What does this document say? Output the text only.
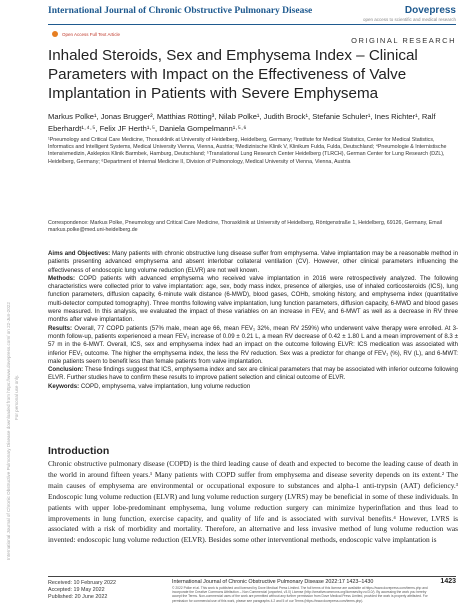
International Journal of Chronic Obstructive Pulmonary Disease downloaded from https://www.dovepress.com/ on 22-Jun-2022 For personal use only.
International Journal of Chronic Obstructive Pulmonary Disease	Dovepress
open access to scientific and medical research
Open Access Full Text Article
ORIGINAL RESEARCH
Inhaled Steroids, Sex and Emphysema Index – Clinical Parameters with Impact on the Effectiveness of Valve Implantation in Patients with Severe Emphysema
Markus Polke¹, Jonas Brugger², Matthias Rötting³, Nilab Polke¹, Judith Brock¹, Stefanie Schuler¹, Ines Richter¹, Ralf Eberhardt¹·⁴·⁵, Felix JF Herth¹·⁵, Daniela Gompelmann¹·⁵·⁶
¹Pneumology and Critical Care Medicine, Thoraxklinik at University of Heidelberg, Heidelberg, Germany; ²Institute for Medical Statistics, Center for Medical Statistics, Informatics and Intelligent Systems, Medical University Vienna, Vienna, Austria; ³Medizinische Klinik V, Klinikum Fulda, Fulda, Deutschland; ⁴Pneumologie & Internistische Intensivmedizin, Asklepios Klinik Barmbek, Hamburg, Deutschland; ⁵Translational Lung Research Center Heidelberg (TLRCH), German Center for Lung Research (DZL), Heidelberg, Germany; ⁶Department of Internal Medicine II, Division of Pulmonology, Medical University of Vienna, Vienna, Austria
Correspondence: Markus Polke, Pneumology and Critical Care Medicine, Thoraxklinik at University of Heidelberg, Röntgenstraße 1, Heidelberg, 69126, Germany, Email markus.polke@med.uni-heidelberg.de
Aims and Objectives: Many patients with chronic obstructive lung disease suffer from emphysema. Valve implantation may be a reasonable method in patients presenting advanced emphysema and absent interlobar collateral ventilation (CV). However, other clinical parameters influencing the effectiveness of endoscopic lung volume reduction (ELVR) are not well known.
Methods: COPD patients with advanced emphysema who received valve implantation in 2016 were retrospectively analyzed. The following characteristics were collected prior to valve implantation: age, sex, body mass index, presence of allergies, use of inhaled corticosteroids (ICS), lung function parameters, diffusion capacity, 6-minute walk distance (6-MWD), blood gases, COHb, smoking history, and emphysema index (quantitative multi-detector computed tomography). Three months following valve implantation, lung function parameters, diffusion capacity, 6-MWD and blood gases were measured. In this analysis, we evaluated the impact of these variables on an increase in FEV₁ and 6-MWT as well as a decrease in RV three months after valve implantation.
Results: Overall, 77 COPD patients (57% male, mean age 66, mean FEV₁ 32%, mean RV 259%) who underwent valve therapy were enrolled. At 3-month follow-up, patients experienced a mean FEV₁ increase of 0.09 ± 0.21 L, a mean RV decrease of 0.42 ± 1.80 L and a mean improvement of 8.3 ± 57 m in the 6-MWT. Overall, ICS, sex and emphysema index had an impact on the outcome following ELVR: ICS medication was associated with inferior FEV₁ outcome. The higher the emphysema index, the less the RV reduction. Sex was a predictor for change of FEV₁ (%), RV (L), and 6-MWT: male patients seem to benefit less than female patients from valve implantation.
Conclusion: These findings suggest that ICS, emphysema index and sex are clinical parameters that may be associated with inferior outcome following ELVR. Further studies have to confirm these results to improve patient selection and clinical outcome of ELVR.
Keywords: COPD, emphysema, valve implantation, lung volume reduction
Introduction
Chronic obstructive pulmonary disease (COPD) is the third leading cause of death and expected to become the leading cause of death in the world in around fifteen years.¹ Many patients with COPD suffer from emphysema and disease severity depends on its extent.² The main causes of emphysema are environmental or occupational exposure to substances and alpha-1 anti-trypsin (AAT) deficiency.³ Endoscopic lung volume reduction (ELVR) and lung volume reduction surgery (LVRS) may be beneficial in some of these individuals. In patients with upper lobe-predominant emphysema, lung volume reduction surgery can minimize hyperinflation and thus lead to improvements in lung function, exercise capacity, and quality of life and is associated with survival benefits.⁴ However, LVRS is associated with a risk of morbidity and mortality. Therefore, an alternative and less invasive method of lung volume reduction was invented: endoscopic lung volume reduction (ELVR). Besides some other interventional methods, endoscopic valve implantation is
Received: 10 February 2022
Accepted: 19 May 2022
Published: 20 June 2022
International Journal of Chronic Obstructive Pulmonary Disease 2022:17 1423–1430
© 2022 Polke et al. This work is published and licensed by Dove Medical Press Limited. The full terms of this license are available at https://www.dovepress.com/terms.php and incorporate the Creative Commons Attribution – Non Commercial (unported, v3.0) License (http://creativecommons.org/licenses/by-nc/3.0/). By accessing the work you hereby accept the Terms. Non-commercial uses of the work are permitted without any further permission from Dove Medical Press Limited, provided the work is properly attributed. For permission for commercial use of this work, please see paragraphs 4.2 and 5 of our Terms (https://www.dovepress.com/terms.php).
1423
